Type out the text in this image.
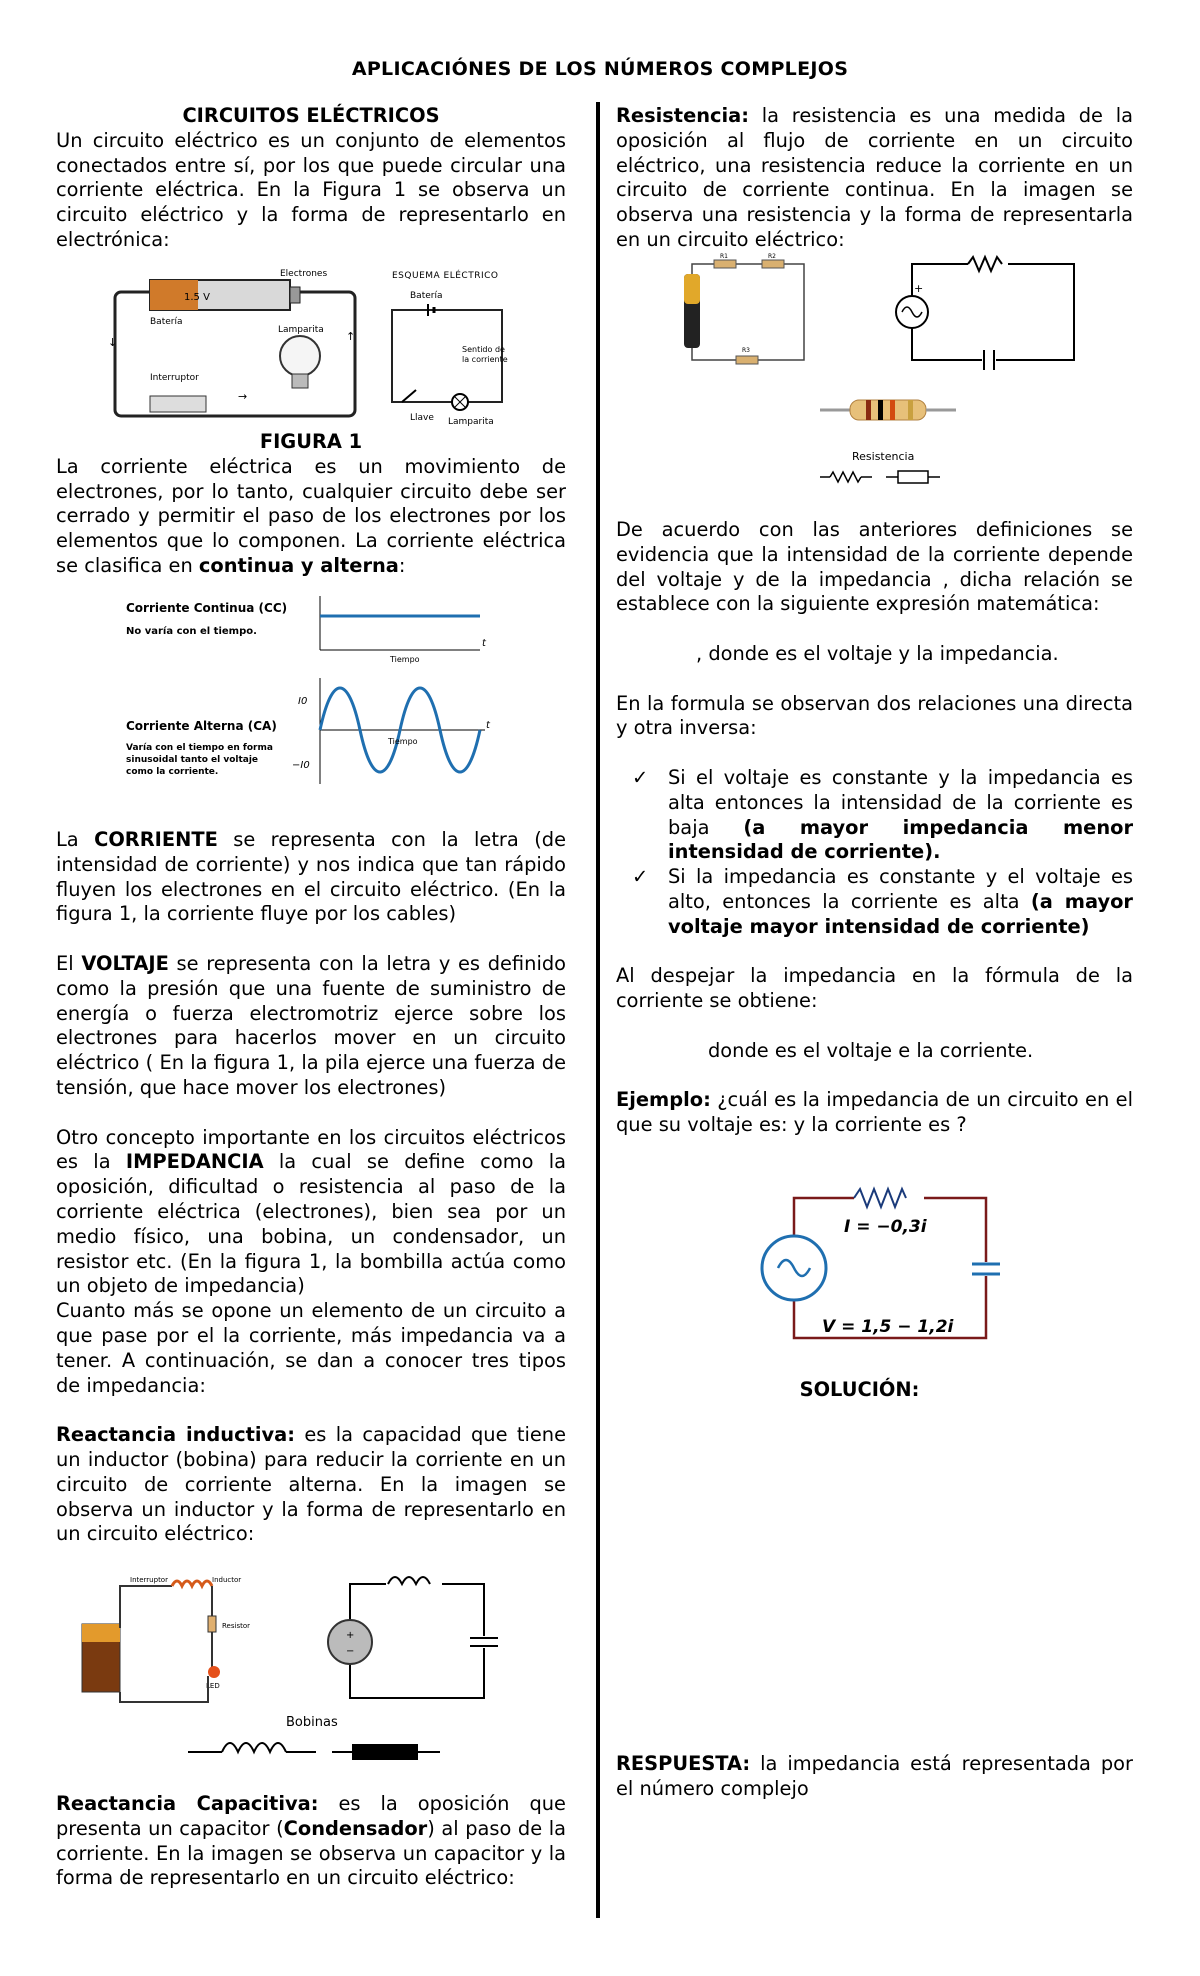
APLICACIÓNES DE LOS NÚMEROS COMPLEJOS

CIRCUITOS ELÉCTRICOS

Un circuito eléctrico es un conjunto de elementos conectados entre sí, por los que puede circular una corriente eléctrica. En la Figura 1 se observa un circuito eléctrico y la forma de representarlo en electrónica:

1.5 V
Batería
Electrones
Lamparita
Interruptor
→
↓	↑
ESQUEMA ELÉCTRICO
Batería
Sentido de
la corriente
Llave Lamparita

FIGURA 1

La corriente eléctrica es un movimiento de electrones, por lo tanto, cualquier circuito debe ser cerrado y permitir el paso de los electrones por los elementos que lo componen. La corriente eléctrica se clasifica en continua y alterna:

Corriente Continua (CC)
No varía con el tiempo.
Tiempo
t
Corriente Alterna (CA)
Varía con el tiempo en forma
sinusoidal tanto el voltaje
como la corriente.
I0
−I0
Tiempo
t

La CORRIENTE se representa con la letra (de intensidad de corriente) y nos indica que tan rápido fluyen los electrones en el circuito eléctrico. (En la figura 1, la corriente fluye por los cables)

El VOLTAJE se representa con la letra y es definido como la presión que una fuente de suministro de energía o fuerza electromotriz ejerce sobre los electrones para hacerlos mover en un circuito eléctrico ( En la figura 1, la pila ejerce una fuerza de tensión, que hace mover los electrones)

Otro concepto importante en los circuitos eléctricos es la IMPEDANCIA la cual se define como la oposición, dificultad o resistencia al paso de la corriente eléctrica (electrones), bien sea por un medio físico, una bobina, un condensador, un resistor etc. (En la figura 1, la bombilla actúa como un objeto de impedancia)

Cuanto más se opone un elemento de un circuito a que pase por el la corriente, más impedancia va a tener. A continuación, se dan a conocer tres tipos de impedancia:

Reactancia inductiva: es la capacidad que tiene un inductor (bobina) para reducir la corriente en un circuito de corriente alterna. En la imagen se observa un inductor y la forma de representarlo en un circuito eléctrico:

Interruptor	Inductor
Resistor
LED
+
−
Bobinas

Reactancia Capacitiva: es la oposición que presenta un capacitor (Condensador) al paso de la corriente. En la imagen se observa un capacitor y la forma de representarlo en un circuito eléctrico:

Resistencia: la resistencia es una medida de la oposición al flujo de corriente en un circuito eléctrico, una resistencia reduce la corriente en un circuito de corriente continua. En la imagen se observa una resistencia y la forma de representarla en un circuito eléctrico:

R1	R2
R3
+
Resistencia

De acuerdo con las anteriores definiciones se evidencia que la intensidad de la corriente depende del voltaje y de la impedancia , dicha relación se establece con la siguiente expresión matemática:

, donde es el voltaje y la impedancia.

En la formula se observan dos relaciones una directa y otra inversa:

✓ Si el voltaje es constante y la impedancia es alta entonces la intensidad de la corriente es baja (a mayor impedancia menor intensidad de corriente).
✓ Si la impedancia es constante y el voltaje es alto, entonces la corriente es alta (a mayor voltaje mayor intensidad de corriente)

Al despejar la impedancia en la fórmula de la corriente se obtiene:

donde es el voltaje e la corriente.

Ejemplo: ¿cuál es la impedancia de un circuito en el que su voltaje es: y la corriente es ?

I = −0,3i
V = 1,5 − 1,2i

SOLUCIÓN:

RESPUESTA: la impedancia está representada por el número complejo
